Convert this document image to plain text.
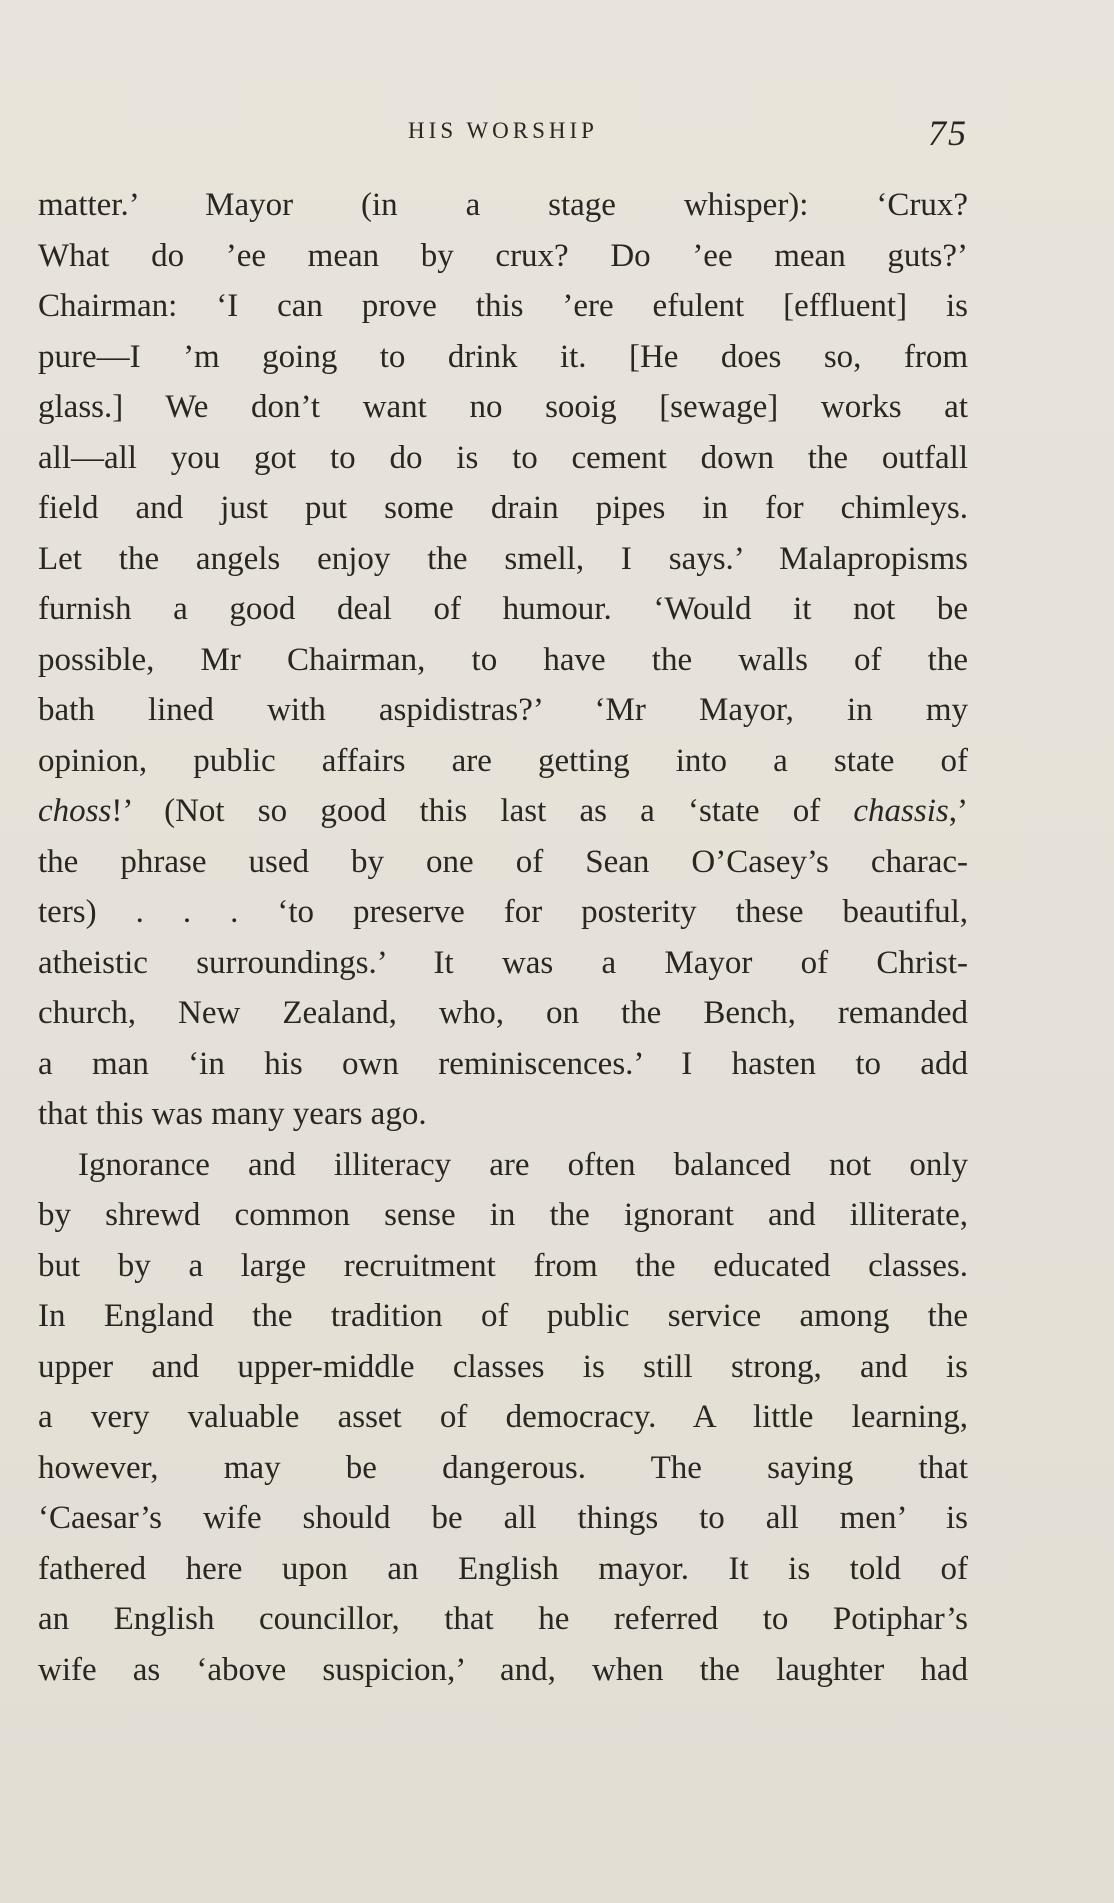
HIS WORSHIP	75
matter.’ Mayor (in a stage whisper): ‘Crux?
What do ’ee mean by crux? Do ’ee mean guts?’
Chairman: ‘I can prove this ’ere efulent [effluent] is
pure—I ’m going to drink it. [He does so, from
glass.] We don’t want no sooig [sewage] works at
all—all you got to do is to cement down the outfall
field and just put some drain pipes in for chimleys.
Let the angels enjoy the smell, I says.’ Malapropisms
furnish a good deal of humour. ‘Would it not be
possible, Mr Chairman, to have the walls of the
bath lined with aspidistras?’ ‘Mr Mayor, in my
opinion, public affairs are getting into a state of
chossǃ’ (Not so good this last as a ‘state of chassis,’
the phrase used by one of Sean O’Casey’s charac-
ters) . . . ‘to preserve for posterity these beautiful,
atheistic surroundings.’ It was a Mayor of Christ-
church, New Zealand, who, on the Bench, remanded
a man ‘in his own reminiscences.’ I hasten to add
that this was many years ago.
Ignorance and illiteracy are often balanced not only
by shrewd common sense in the ignorant and illiterate,
but by a large recruitment from the educated classes.
In England the tradition of public service among the
upper and upper-middle classes is still strong, and is
a very valuable asset of democracy. A little learning,
however, may be dangerous. The saying that
‘Caesar’s wife should be all things to all men’ is
fathered here upon an English mayor. It is told of
an English councillor, that he referred to Potiphar’s
wife as ‘above suspicion,’ and, when the laughter had
